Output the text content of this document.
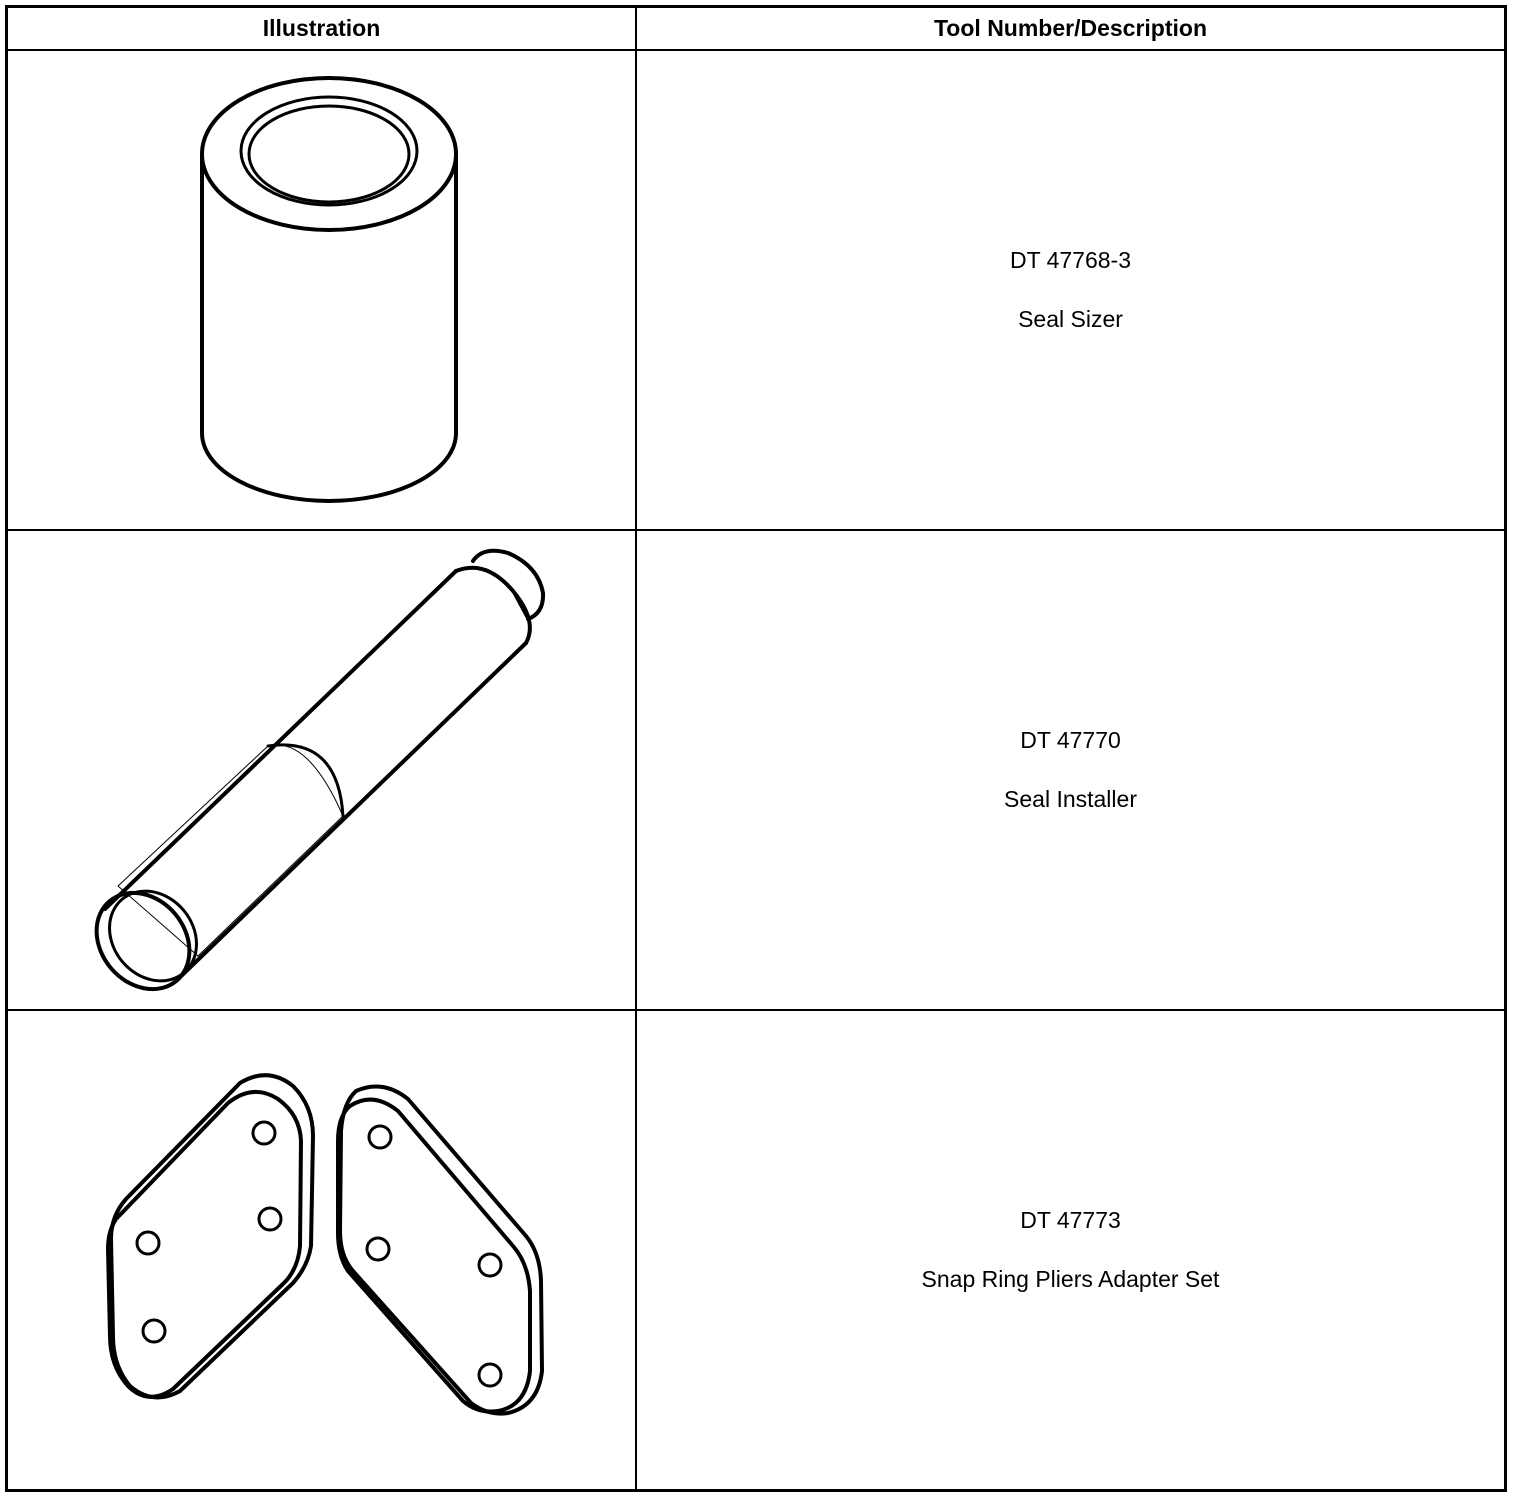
Illustration	Tool Number/Description

DT 47768-3
Seal Sizer

DT 47770
Seal Installer

DT 47773
Snap Ring Pliers Adapter Set
